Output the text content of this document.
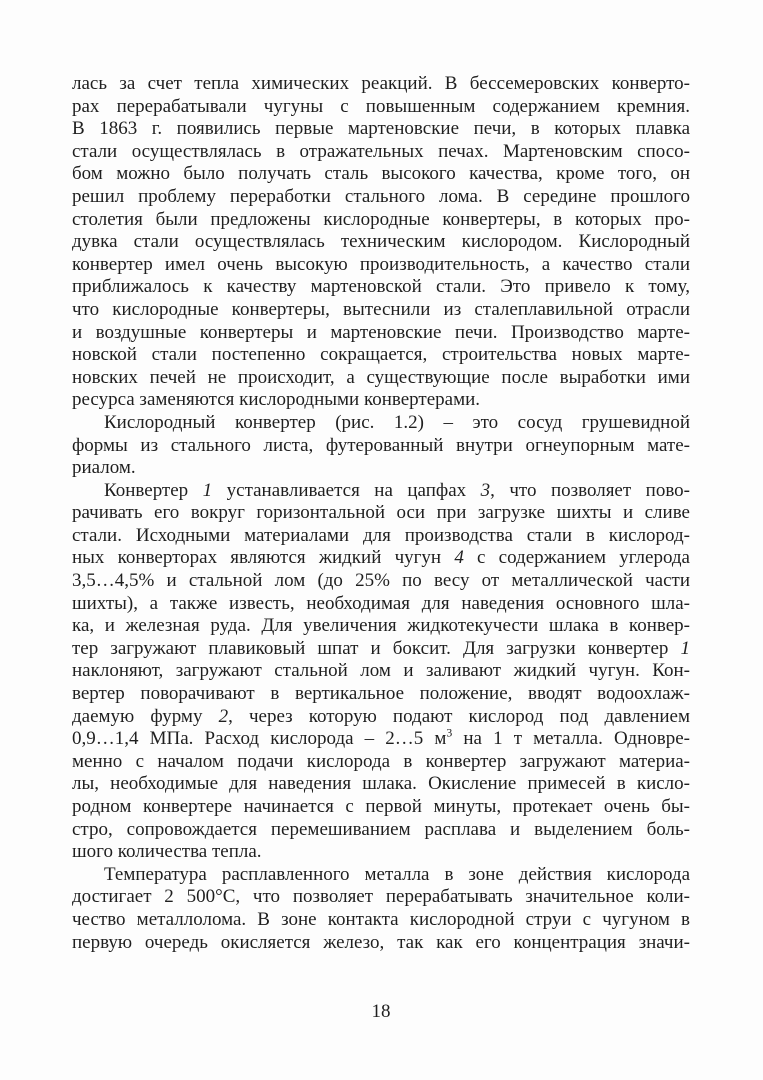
лась за счет тепла химических реакций. В бессемеровских конверто-
рах перерабатывали чугуны с повышенным содержанием кремния.
В 1863 г. появились первые мартеновские печи, в которых плавка
стали осуществлялась в отражательных печах. Мартеновским спосо-
бом можно было получать сталь высокого качества, кроме того, он
решил проблему переработки стального лома. В середине прошлого
столетия были предложены кислородные конвертеры, в которых про-
дувка стали осуществлялась техническим кислородом. Кислородный
конвертер имел очень высокую производительность, а качество стали
приближалось к качеству мартеновской стали. Это привело к тому,
что кислородные конвертеры, вытеснили из сталеплавильной отрасли
и воздушные конвертеры и мартеновские печи. Производство марте-
новской стали постепенно сокращается, строительства новых марте-
новских печей не происходит, а существующие после выработки ими
ресурса заменяются кислородными конвертерами.

Кислородный конвертер (рис. 1.2) – это сосуд грушевидной
формы из стального листа, футерованный внутри огнеупорным мате-
риалом.

Конвертер 1 устанавливается на цапфах 3, что позволяет пово-
рачивать его вокруг горизонтальной оси при загрузке шихты и сливе
стали. Исходными материалами для производства стали в кислород-
ных конверторах являются жидкий чугун 4 с содержанием углерода
3,5…4,5% и стальной лом (до 25% по весу от металлической части
шихты), а также известь, необходимая для наведения основного шла-
ка, и железная руда. Для увеличения жидкотекучести шлака в конвер-
тер загружают плавиковый шпат и боксит. Для загрузки конвертер 1
наклоняют, загружают стальной лом и заливают жидкий чугун. Кон-
вертер поворачивают в вертикальное положение, вводят водоохлаж-
даемую фурму 2, через которую подают кислород под давлением
0,9…1,4 МПа. Расход кислорода – 2…5 $м^3$ на 1 т металла. Одновре-
менно с началом подачи кислорода в конвертер загружают материа-
лы, необходимые для наведения шлака. Окисление примесей в кисло-
родном конвертере начинается с первой минуты, протекает очень бы-
стро, сопровождается перемешиванием расплава и выделением боль-
шого количества тепла.

Температура расплавленного металла в зоне действия кислорода
достигает 2 500°С, что позволяет перерабатывать значительное коли-
чество металлолома. В зоне контакта кислородной струи с чугуном в
первую очередь окисляется железо, так как его концентрация значи-

18
